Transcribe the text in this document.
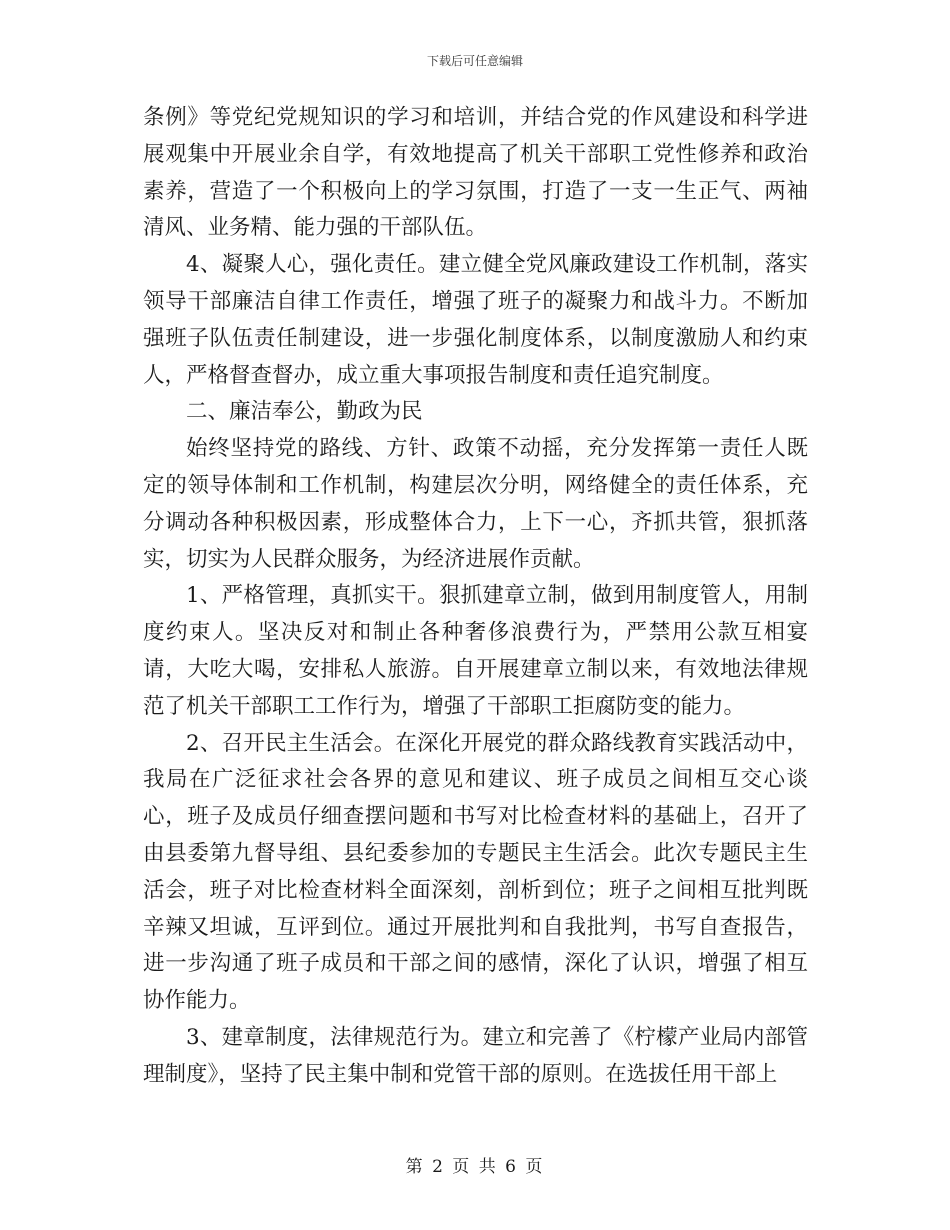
下载后可任意编辑

条例》等党纪党规知识的学习和培训，并结合党的作风建设和科学进展观集中开展业余自学，有效地提高了机关干部职工党性修养和政治素养，营造了一个积极向上的学习氛围，打造了一支一生正气、两袖清风、业务精、能力强的干部队伍。

4、凝聚人心，强化责任。建立健全党风廉政建设工作机制，落实领导干部廉洁自律工作责任，增强了班子的凝聚力和战斗力。不断加强班子队伍责任制建设，进一步强化制度体系，以制度激励人和约束人，严格督查督办，成立重大事项报告制度和责任追究制度。

二、廉洁奉公，勤政为民

始终坚持党的路线、方针、政策不动摇，充分发挥第一责任人既定的领导体制和工作机制，构建层次分明，网络健全的责任体系，充分调动各种积极因素，形成整体合力，上下一心，齐抓共管，狠抓落实，切实为人民群众服务，为经济进展作贡献。

1、严格管理，真抓实干。狠抓建章立制，做到用制度管人，用制度约束人。坚决反对和制止各种奢侈浪费行为，严禁用公款互相宴请，大吃大喝，安排私人旅游。自开展建章立制以来，有效地法律规范了机关干部职工工作行为，增强了干部职工拒腐防变的能力。

2、召开民主生活会。在深化开展党的群众路线教育实践活动中，我局在广泛征求社会各界的意见和建议、班子成员之间相互交心谈心，班子及成员仔细查摆问题和书写对比检查材料的基础上，召开了由县委第九督导组、县纪委参加的专题民主生活会。此次专题民主生活会，班子对比检查材料全面深刻，剖析到位；班子之间相互批判既辛辣又坦诚，互评到位。通过开展批判和自我批判，书写自查报告，进一步沟通了班子成员和干部之间的感情，深化了认识，增强了相互协作能力。

3、建章制度，法律规范行为。建立和完善了《柠檬产业局内部管理制度》，坚持了民主集中制和党管干部的原则。在选拔任用干部上

第 2 页 共 6 页
